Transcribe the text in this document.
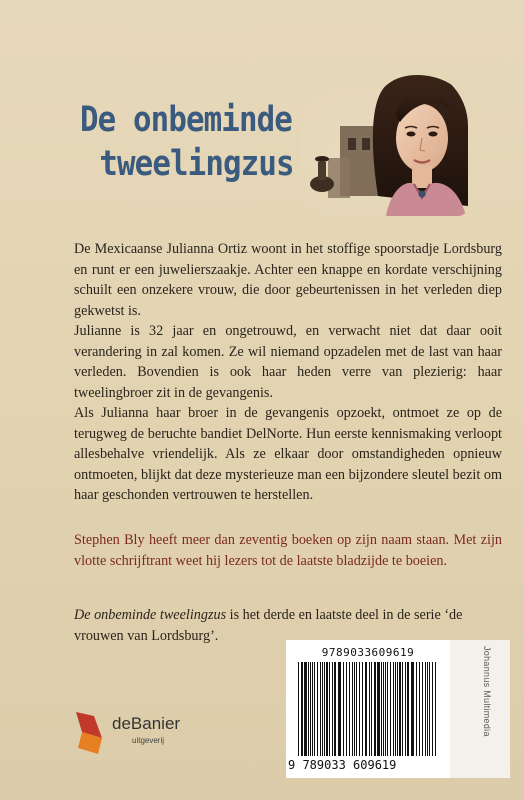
De onbeminde
tweelingzus

De Mexicaanse Julianna Ortiz woont in het stoffige spoorstadje Lordsburg en runt er een juwelierszaakje. Achter een knappe en kordate verschijning schuilt een onzekere vrouw, die door gebeurtenissen in het verleden diep gekwetst is.

Julianne is 32 jaar en ongetrouwd, en verwacht niet dat daar ooit verandering in zal komen. Ze wil niemand opzadelen met de last van haar verleden. Bovendien is ook haar heden verre van plezierig: haar tweelingbroer zit in de gevangenis.

Als Julianna haar broer in de gevangenis opzoekt, ontmoet ze op de terugweg de beruchte bandiet DelNorte. Hun eerste kennismaking verloopt allesbehalve vriendelijk. Als ze elkaar door omstandigheden opnieuw ontmoeten, blijkt dat deze mysterieuze man een bijzondere sleutel bezit om haar geschonden vertrouwen te herstellen.

Stephen Bly heeft meer dan zeventig boeken op zijn naam staan. Met zijn vlotte schrijftrant weet hij lezers tot de laatste bladzijde te boeien.
De onbeminde tweelingzus is het derde en laatste deel in de serie ‘de vrouwen van Lordsburg’.
9789033609619
9 789033 609619
Johannus Multimedia
deBanier
uitgeverij
